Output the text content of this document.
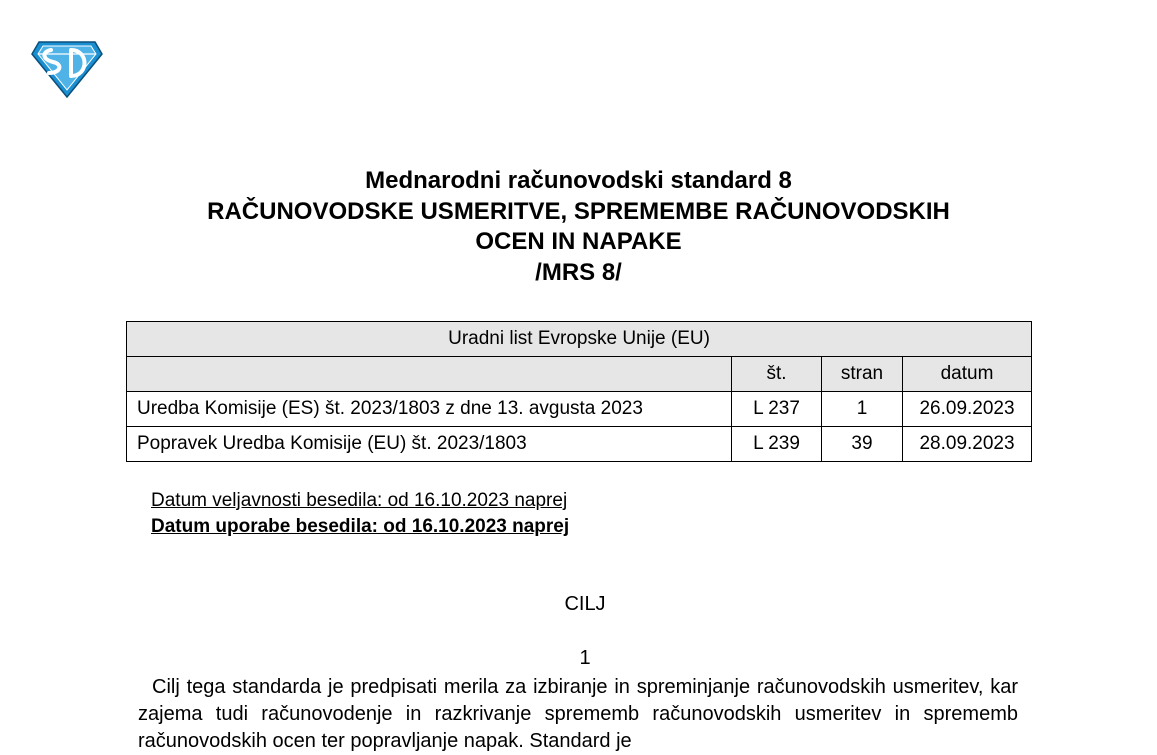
Mednarodni računovodski standard 8
RAČUNOVODSKE USMERITVE, SPREMEMBE RAČUNOVODSKIH
OCEN IN NAPAKE
/MRS 8/
Uradni list Evropske Unije (EU)			
	št.	stran	datum
Uredba Komisije (ES) št. 2023/1803 z dne 13. avgusta 2023	L 237	1	26.09.2023
Popravek Uredba Komisije (EU) št. 2023/1803	L 239	39	28.09.2023
Datum veljavnosti besedila: od 16.10.2023 naprej
Datum uporabe besedila: od 16.10.2023 naprej
CILJ
1
Cilj tega standarda je predpisati merila za izbiranje in spreminjanje računovodskih usmeritev, kar zajema tudi računovodenje in razkrivanje sprememb računovodskih usmeritev in sprememb računovodskih ocen ter popravljanje napak. Standard je
